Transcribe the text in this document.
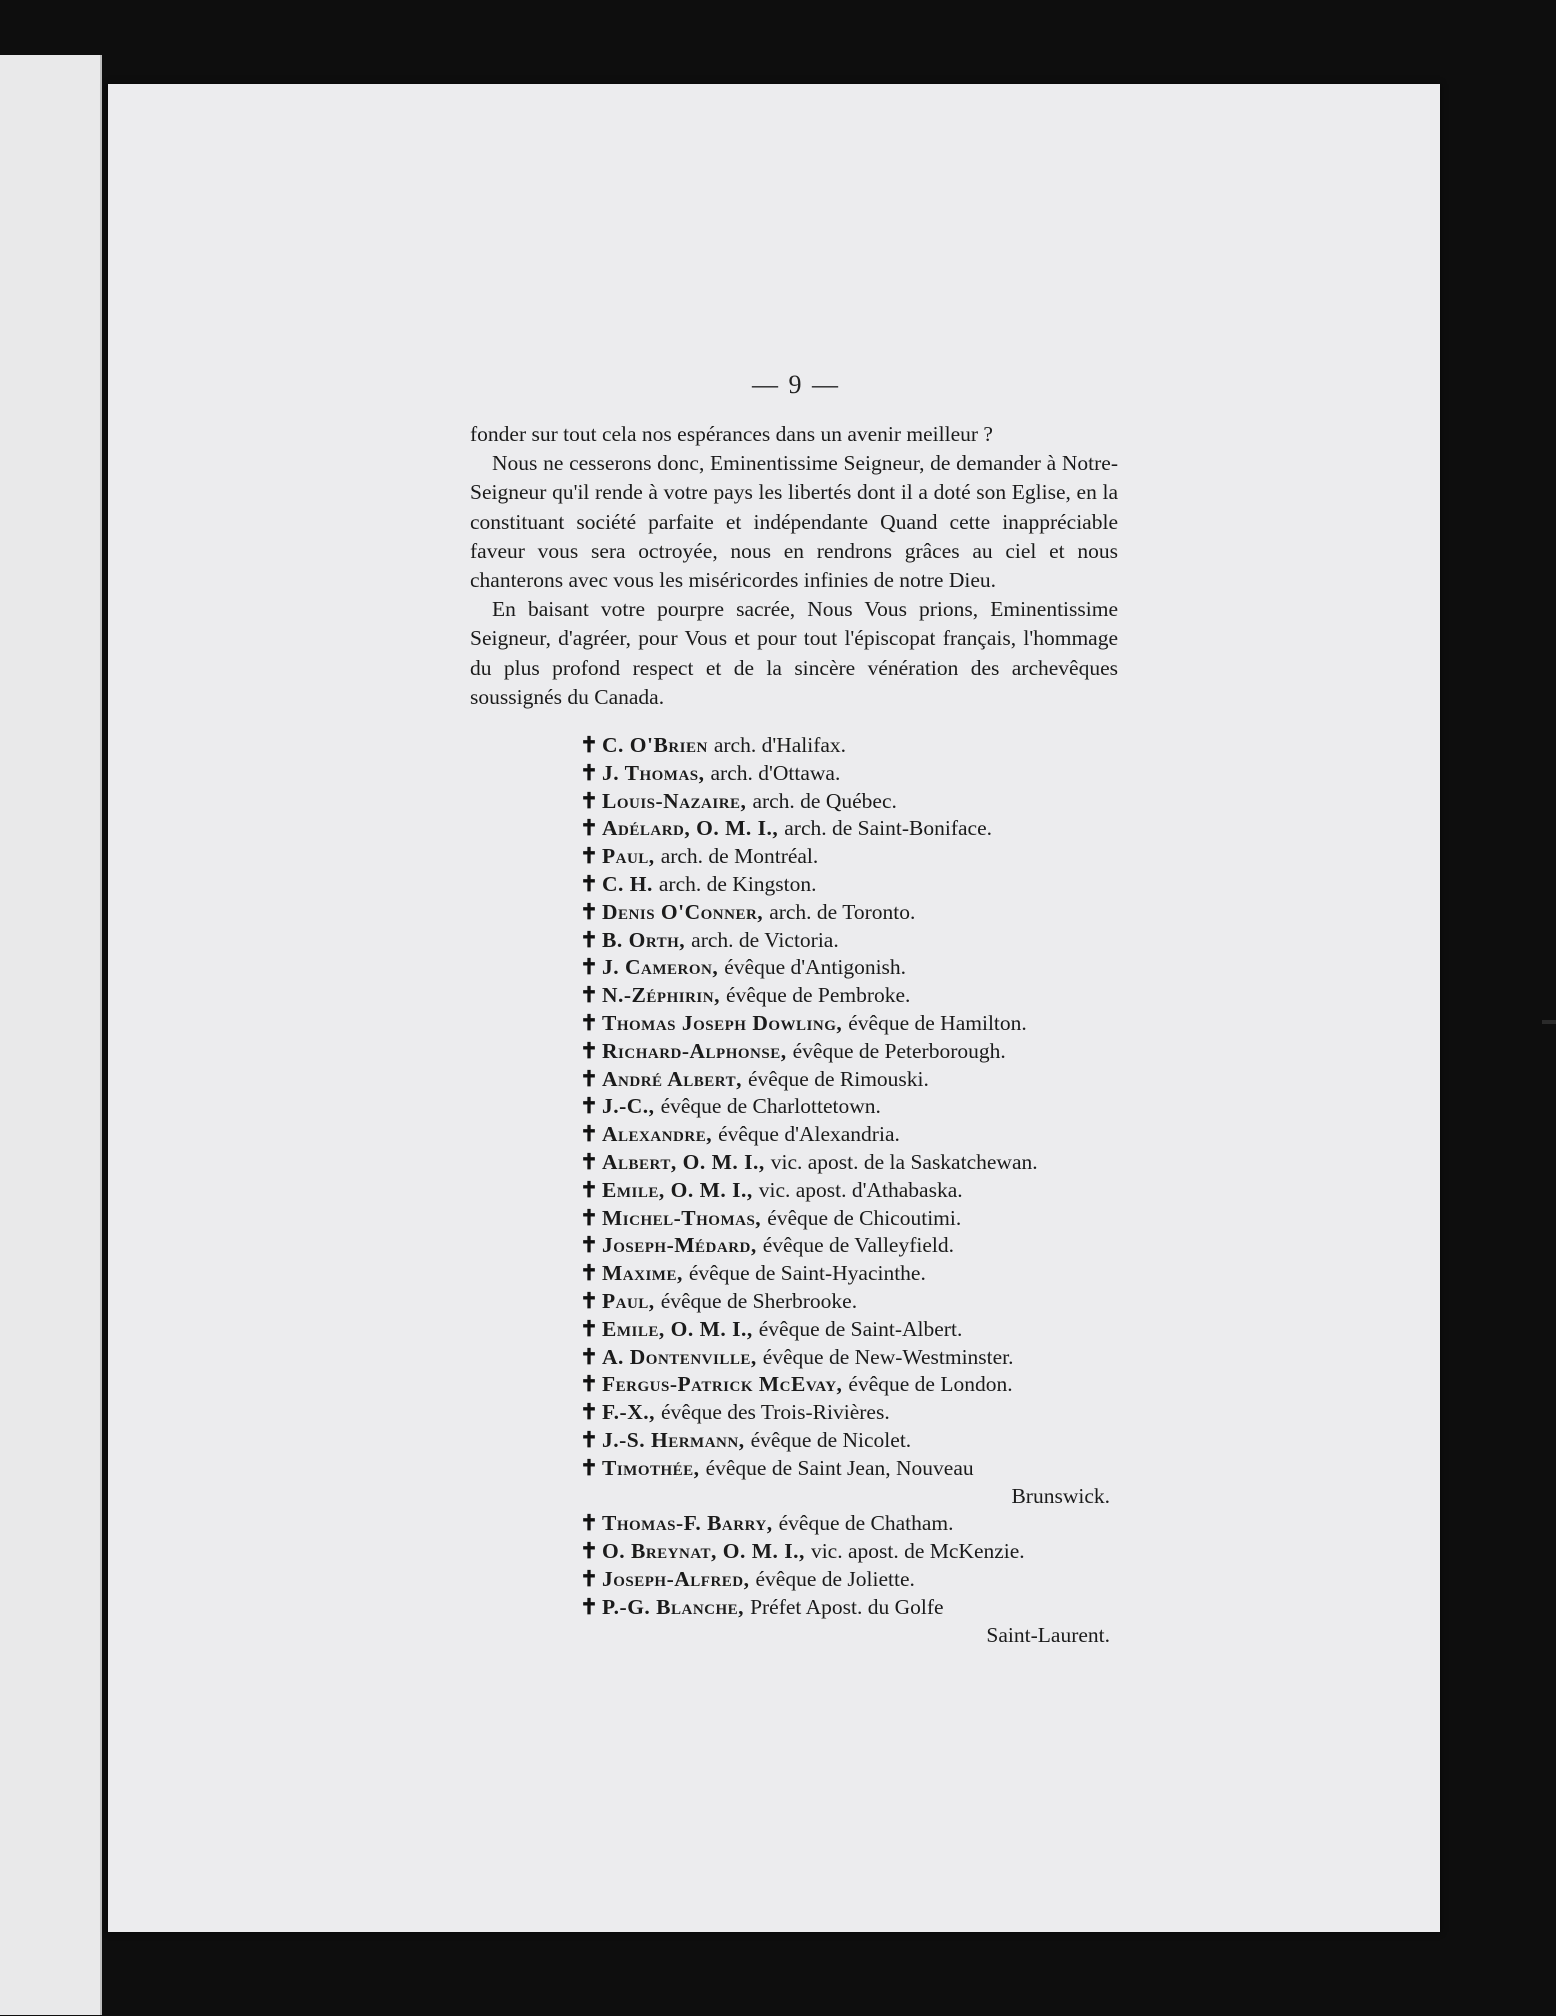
— 9 —

fonder sur tout cela nos espérances dans un avenir meilleur ?

Nous ne cesserons donc, Eminentissime Seigneur, de demander à Notre-Seigneur qu'il rende à votre pays les libertés dont il a doté son Eglise, en la constituant société parfaite et indépendante Quand cette inappréciable faveur vous sera octroyée, nous en rendrons grâces au ciel et nous chanterons avec vous les miséricordes infinies de notre Dieu.

En baisant votre pourpre sacrée, Nous Vous prions, Eminentissime Seigneur, d'agréer, pour Vous et pour tout l'épiscopat français, l'hommage du plus profond respect et de la sincère vénération des archevêques soussignés du Canada.

✝ C. O'Brien arch. d'Halifax.
✝ J. Thomas, arch. d'Ottawa.
✝ Louis-Nazaire, arch. de Québec.
✝ Adélard, O. M. I., arch. de Saint-Boniface.
✝ Paul, arch. de Montréal.
✝ C. H. arch. de Kingston.
✝ Denis O'Conner, arch. de Toronto.
✝ B. Orth, arch. de Victoria.
✝ J. Cameron, évêque d'Antigonish.
✝ N.-Zéphirin, évêque de Pembroke.
✝ Thomas Joseph Dowling, évêque de Hamilton.
✝ Richard-Alphonse, évêque de Peterborough.
✝ André Albert, évêque de Rimouski.
✝ J.-C., évêque de Charlottetown.
✝ Alexandre, évêque d'Alexandria.
✝ Albert, O. M. I., vic. apost. de la Saskatchewan.
✝ Emile, O. M. I., vic. apost. d'Athabaska.
✝ Michel-Thomas, évêque de Chicoutimi.
✝ Joseph-Médard, évêque de Valleyfield.
✝ Maxime, évêque de Saint-Hyacinthe.
✝ Paul, évêque de Sherbrooke.
✝ Emile, O. M. I., évêque de Saint-Albert.
✝ A. Dontenville, évêque de New-Westminster.
✝ Fergus-Patrick McEvay, évêque de London.
✝ F.-X., évêque des Trois-Rivières.
✝ J.-S. Hermann, évêque de Nicolet.
✝ Timothée, évêque de Saint Jean, Nouveau
Brunswick.
✝ Thomas-F. Barry, évêque de Chatham.
✝ O. Breynat, O. M. I., vic. apost. de McKenzie.
✝ Joseph-Alfred, évêque de Joliette.
✝ P.-G. Blanche, Préfet Apost. du Golfe
Saint-Laurent.
